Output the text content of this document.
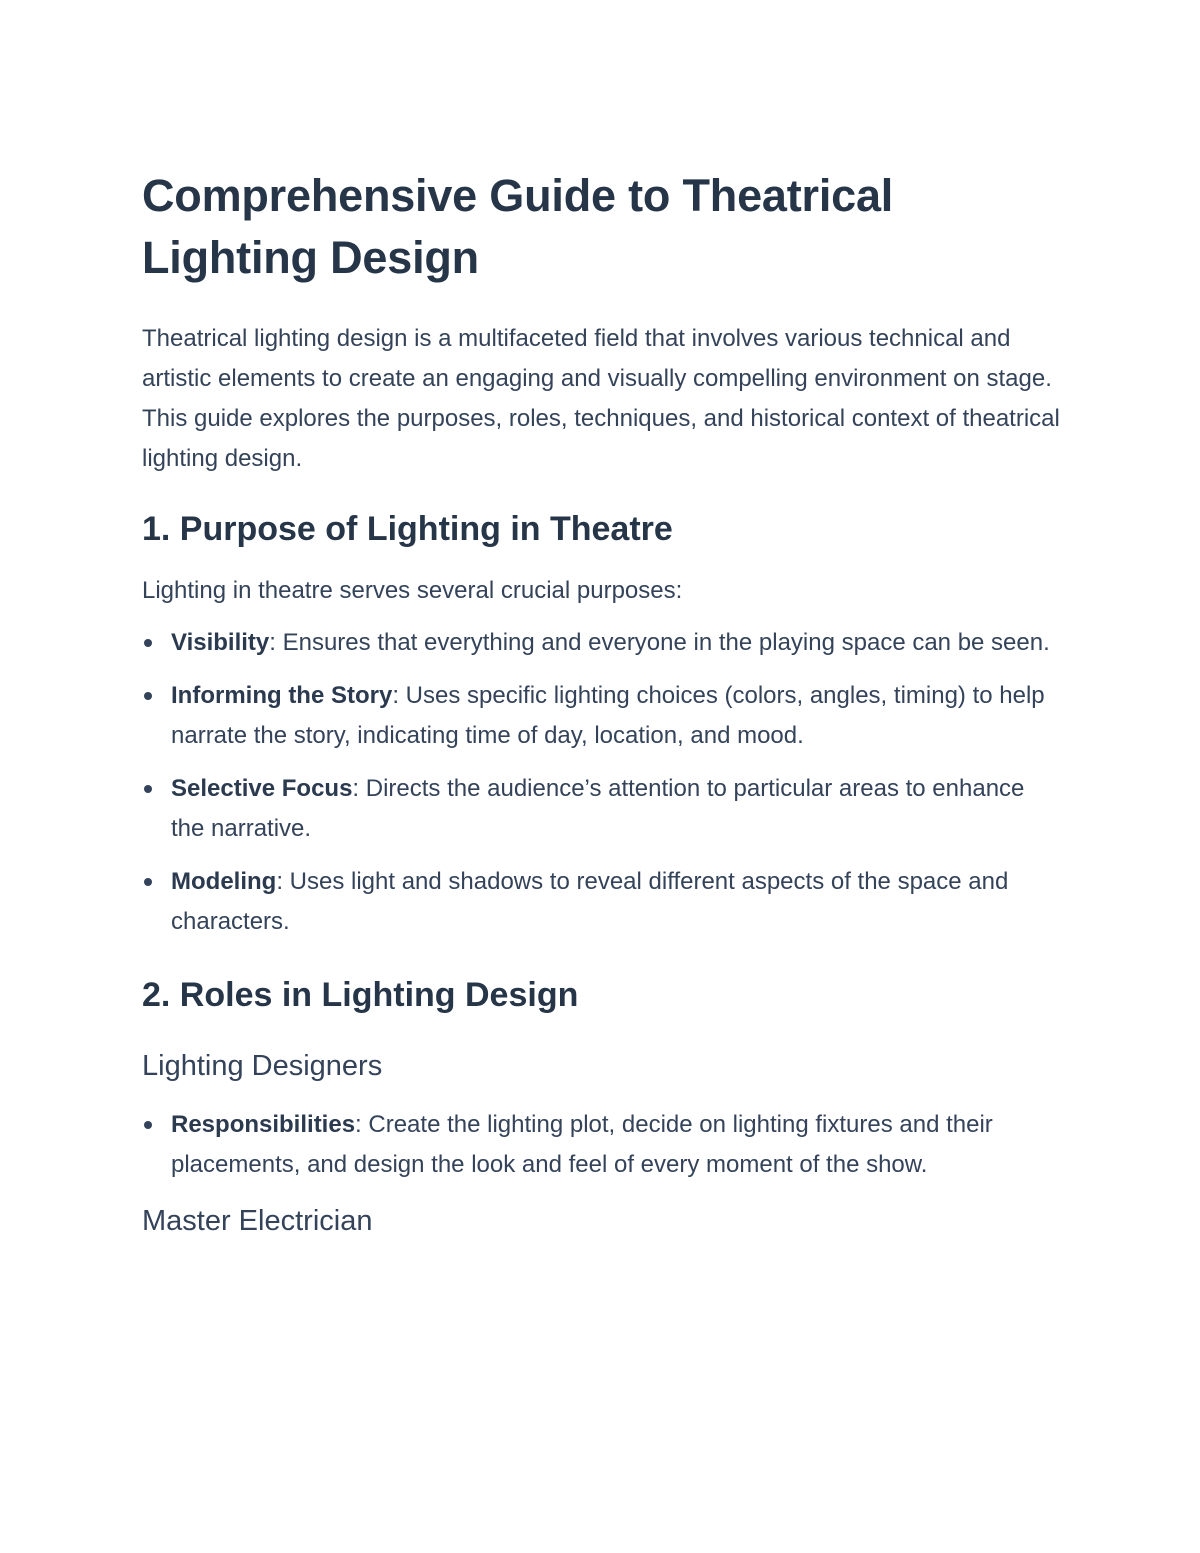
Comprehensive Guide to Theatrical Lighting Design

Theatrical lighting design is a multifaceted field that involves various technical and artistic elements to create an engaging and visually compelling environment on stage. This guide explores the purposes, roles, techniques, and historical context of theatrical lighting design.

1. Purpose of Lighting in Theatre

Lighting in theatre serves several crucial purposes:

Visibility: Ensures that everything and everyone in the playing space can be seen.
Informing the Story: Uses specific lighting choices (colors, angles, timing) to help narrate the story, indicating time of day, location, and mood.
Selective Focus: Directs the audience’s attention to particular areas to enhance the narrative.
Modeling: Uses light and shadows to reveal different aspects of the space and characters.
2. Roles in Lighting Design
Lighting Designers
Responsibilities: Create the lighting plot, decide on lighting fixtures and their placements, and design the look and feel of every moment of the show.
Master Electrician
